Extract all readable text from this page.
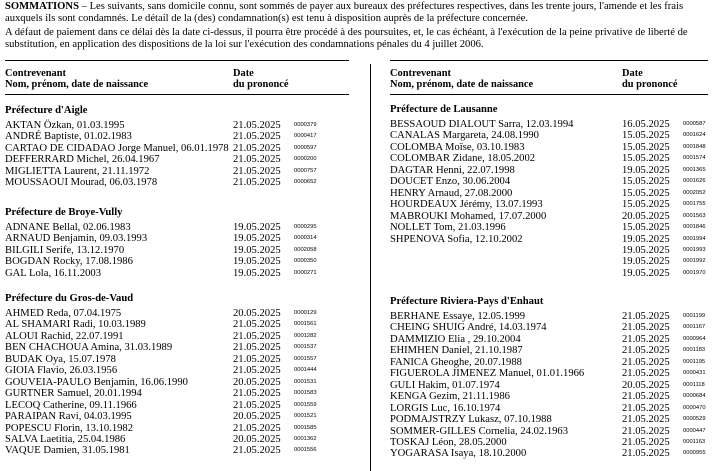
SOMMATIONS – Les suivants, sans domicile connu, sont sommés de payer aux bureaux des préfectures respectives, dans les trente jours, l'amende et les frais auxquels ils sont condamnés. Le détail de la (des) condamnation(s) est tenu à disposition auprès de la préfecture concernée.

A défaut de paiement dans ce délai dès la date ci-dessus, il pourra être procédé à des poursuites, et, le cas échéant, à l'exécution de la peine privative de liberté de substitution, en application des dispositions de la loi sur l'exécution des condamnations pénales du 4 juillet 2006.

Contrevenant
Nom, prénom, date de naissance
Date
du prononcé
Préfecture d'Aigle
AKTAN Özkan, 01.03.1995	21.05.2025 0000379
ANDRÉ Baptiste, 01.02.1983	21.05.2025 0000417
CARTAO DE CIDADAO Jorge Manuel, 06.01.1978 21.05.2025 0000597
DEFFERRARD Michel, 26.04.1967	21.05.2025 0000200
MIGLIETTA Laurent, 21.11.1972	21.05.2025 0000757
MOUSSAOUI Mourad, 06.03.1978	21.05.2025 0000652
Préfecture de Broye-Vully
ADNANE Bellal, 02.06.1983	19.05.2025 0000295
ARNAUD Benjamin, 09.03.1993	19.05.2025 0000314
BILGILI Serife, 13.12.1970	19.05.2025 0002058
BOGDAN Rocky, 17.08.1986	19.05.2025 0000350
GAL Lola, 16.11.2003	19.05.2025 0000271
Préfecture du Gros-de-Vaud
AHMED Reda, 07.04.1975	20.05.2025 0000129
AL SHAMARI Radi, 10.03.1989	21.05.2025 0001561
ALOUI Rachid, 22.07.1991	21.05.2025 0001282
BEN CHACHOUA Amina, 31.03.1989	21.05.2025 0001537
BUDAK Oya, 15.07.1978	21.05.2025 0001557
GIOIA Flavio, 26.03.1956	21.05.2025 0001444
GOUVEIA-PAULO Benjamin, 16.06.1990	20.05.2025 0001531
GURTNER Samuel, 20.01.1994	21.05.2025 0001583
LECOQ Catherine, 09.11.1966	21.05.2025 0001559
PARAIPAN Ravi, 04.03.1995	20.05.2025 0001521
POPESCU Florin, 13.10.1982	21.05.2025 0001585
SALVA Laetitia, 25.04.1986	20.05.2025 0001362
VAQUE Damien, 31.05.1981	21.05.2025 0001556
Contrevenant
Nom, prénom, date de naissance
Date
du prononcé
Préfecture de Lausanne
BESSAOUD DIALOUT Sarra, 12.03.1994	16.05.2025 0000587
CANALAS Margareta, 24.08.1990	15.05.2025 0001624
COLOMBA Moïse, 03.10.1983	15.05.2025 0001848
COLOMBAR Zidane, 18.05.2002	15.05.2025 0001574
DAGTAR Henni, 22.07.1998	19.05.2025 0001365
DOUCET Enzo, 30.06.2004	15.05.2025 0001626
HENRY Arnaud, 27.08.2000	15.05.2025 0002052
HOURDEAUX Jérémy, 13.07.1993	15.05.2025 0001755
MABROUKI Mohamed, 17.07.2000	20.05.2025 0001563
NOLLET Tom, 21.03.1996	15.05.2025 0001846
SHPENOVA Sofia, 12.10.2002	19.05.2025 0001994
19.05.2025 0001993
19.05.2025 0001992
19.05.2025 0001970
Préfecture Riviera-Pays d'Enhaut
BERHANE Essaye, 12.05.1999	21.05.2025 0001199
CHEING SHUIG André, 14.03.1974	21.05.2025 0001167
DAMMIZIO Elia , 29.10.2004	21.05.2025 0000964
EHIMHEN Daniel, 21.10.1987	21.05.2025 0001183
FANICA Gheoghe, 20.07.1988	21.05.2025 0001195
FIGUEROLA JIMENEZ Manuel, 01.01.1966	21.05.2025 0000431
GULI Hakim, 01.07.1974	20.05.2025 0001118
KENGA Gezim, 21.11.1986	21.05.2025 0000684
LORGIS Luc, 16.10.1974	21.05.2025 0000470
PODMAJSTRZY Lukasz, 07.10.1988	21.05.2025 0000529
SOMMER-GILLES Cornelia, 24.02.1963	21.05.2025 0000447
TOSKAJ Léon, 28.05.2000	21.05.2025 0001163
YOGARASA Isaya, 18.10.2000	21.05.2025 0000955
